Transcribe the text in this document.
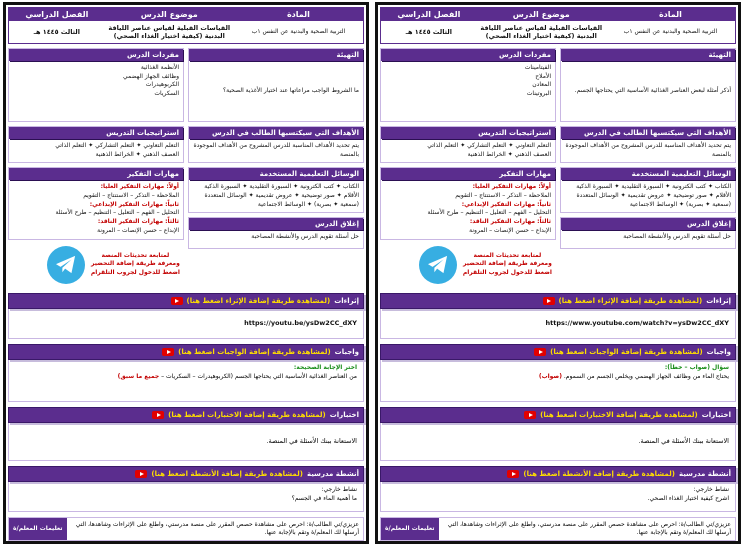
المادة
موضوع الدرس
الفصل الدراسي
التربية الصحية والبدنية عن النفس ١ب
القياسات القبلية لقياس عناصر اللياقة البدنية (كيفية اختيار الغذاء الصحي)
الثالث ١٤٤٥ هـ
التهيئة
ما الشروط الواجب مراعاتها عند اختيار الأغذية الصحية؟
مفردات الدرس
الأنظمة الغذائية
وظائف الجهاز الهضمي
الكربوهيدرات
السكريات
الأهداف التي سيكتسبها الطالب في الدرس
يتم تحديد الأهداف المناسبة للدرس المشروح من الأهداف الموجودة بالمنصة
استراتيجيات التدريس
التعلم التعاوني ✦ التعلم التشاركي ✦ التعلم الذاتي
العصف الذهني ✦ الخرائط الذهنية
الوسائل التعليمية المستخدمة
الكتاب ✦ كتب الكترونية ✦ السبورة التقليدية ✦ السبورة الذكية
الأقلام ✦ صور توضيحية ✦ عروض تقديمية ✦ الوسائل المتعددة
(سمعية ✦ بصرية) ✦ الوسائط الاجتماعية
إغلاق الدرس
حل أسئلة تقويم الدرس والأنشطة المصاحبة
مهارات التفكير
أولاً: مهارات التفكير العليا:
الملاحظة – التذكر – الاستنتاج – التقويم
ثانياً: مهارات التفكير الإبداعي:
التحليل – الفهم – التعليل – التنظيم – طرح الأسئلة
ثالثاً: مهارات التفكير الناقد:
الإبداع – حسن الإنصات – المرونة
لمتابعة تحديثات المنصة
ومعرفة طريقة إضافة التحضير
اضغط للدخول لجروب التلقرام
إثراءات
(لمشاهدة طريقة إضافة الإثراء اضغط هنا)
https://youtu.be/ysDw2CC_dXY
واجبات
(لمشاهدة طريقة إضافة الواجبات اضغط هنا)
اختر الإجابة الصحيحة:
من العناصر الغذائية الأساسية التي يحتاجها الجسم (الكربوهيدرات – السكريات – جميع ما سبق)
اختبارات
(لمشاهدة طريقة إضافة الاختبارات اضغط هنا)
الاستعانة ببنك الأسئلة في المنصة.
أنشطة مدرسية
(لمشاهدة طريقة إضافة الأنشطة اضغط هنا)
نشاط خارجي:
ما أهمية الماء في الجسم؟
عزيزي/تي الطالب/ة: احرص على مشاهدة حصص المقرر على منصة مدرستي، واطلع على الإثراءات وشاهدها، التي أرسلها لك المعلم/ة وتقم بالإجابة عنها.
تعليمات المعلم/ة
المادة
موضوع الدرس
الفصل الدراسي
التربية الصحية والبدنية عن النفس ١ب
القياسات القبلية لقياس عناصر اللياقة البدنية (كيفية اختيار الغذاء الصحي)
الثالث ١٤٤٥ هـ
التهيئة
أذكر أمثلة لبعض العناصر الغذائية الأساسية التي يحتاجها الجسم.
مفردات الدرس
الفيتامينات
الأملاح
المعادن
البروتينات
الأهداف التي سيكتسبها الطالب في الدرس
يتم تحديد الأهداف المناسبة للدرس المشروح من الأهداف الموجودة بالمنصة
استراتيجيات التدريس
التعلم التعاوني ✦ التعلم التشاركي ✦ التعلم الذاتي
العصف الذهني ✦ الخرائط الذهنية
الوسائل التعليمية المستخدمة
الكتاب ✦ كتب الكترونية ✦ السبورة التقليدية ✦ السبورة الذكية
الأقلام ✦ صور توضيحية ✦ عروض تقديمية ✦ الوسائل المتعددة
(سمعية ✦ بصرية) ✦ الوسائط الاجتماعية
إغلاق الدرس
حل أسئلة تقويم الدرس والأنشطة المصاحبة
مهارات التفكير
أولاً: مهارات التفكير العليا:
الملاحظة – التذكر – الاستنتاج – التقويم
ثانياً: مهارات التفكير الإبداعي:
التحليل – الفهم – التعليل – التنظيم – طرح الأسئلة
ثالثاً: مهارات التفكير الناقد:
الإبداع – حسن الإنصات – المرونة
لمتابعة تحديثات المنصة
ومعرفة طريقة إضافة التحضير
اضغط للدخول لجروب التلقرام
إثراءات
(لمشاهدة طريقة إضافة الإثراء اضغط هنا)
https://www.youtube.com/watch?v=ysDw2CC_dXY
واجبات
(لمشاهدة طريقة إضافة الواجبات اضغط هنا)
سؤال (صواب – خطأ):
يحتاج الماء من وظائف الجهاز الهضمي ويخلص الجسم من السموم. (صواب)
اختبارات
(لمشاهدة طريقة إضافة الاختبارات اضغط هنا)
الاستعانة ببنك الأسئلة في المنصة.
أنشطة مدرسية
(لمشاهدة طريقة إضافة الأنشطة اضغط هنا)
نشاط خارجي:
اشرح كيفية اختيار الغذاء الصحي.
عزيزي/تي الطالب/ة: احرص على مشاهدة حصص المقرر على منصة مدرستي، واطلع على الإثراءات وشاهدها، التي أرسلها لك المعلم/ة وتقم بالإجابة عنها.
تعليمات المعلم/ة
